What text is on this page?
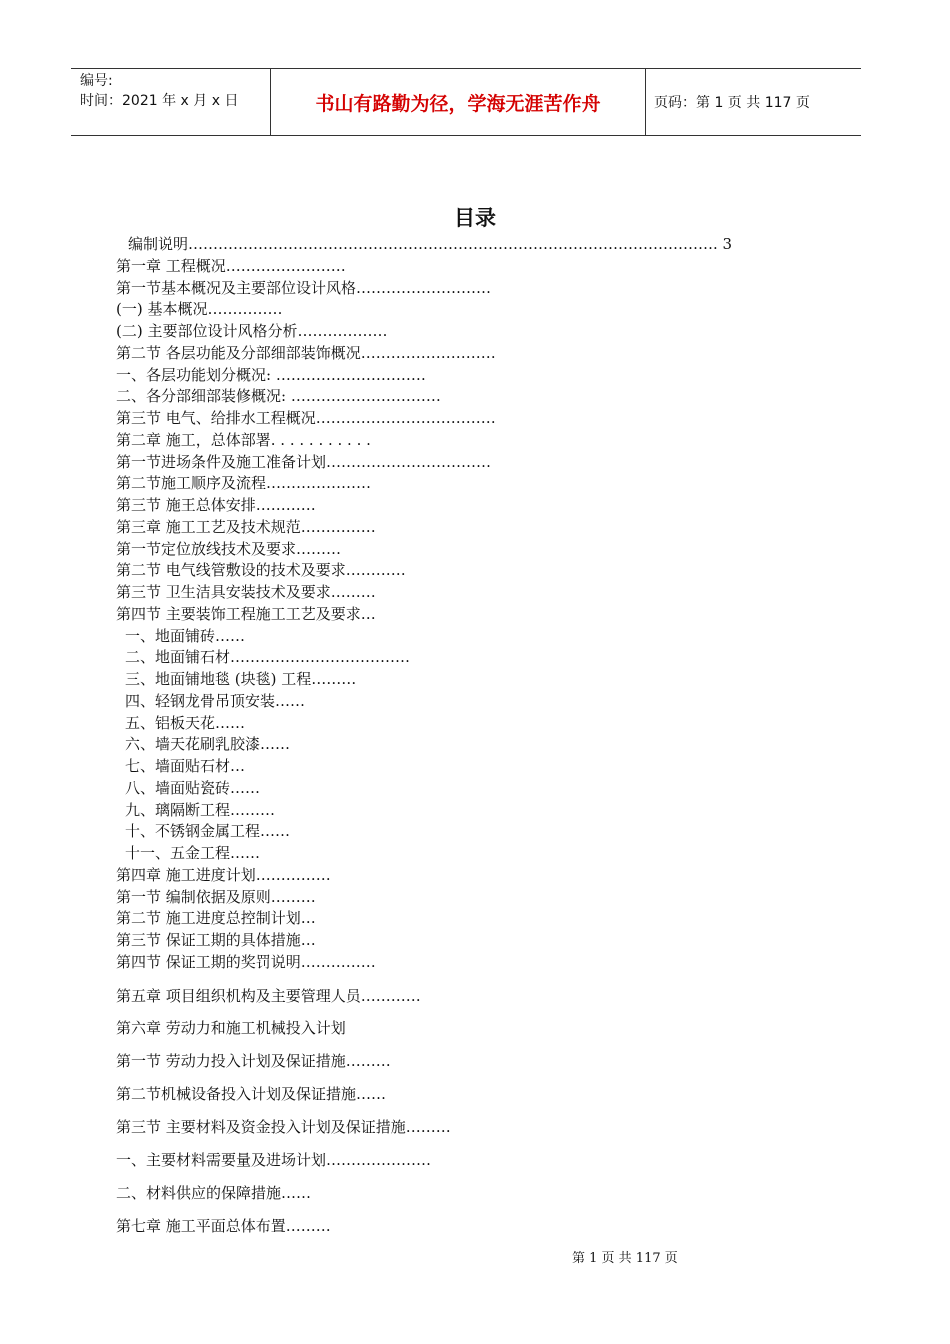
编号:
时间：2021 年 x 月 x 日	书山有路勤为径，学海无涯苦作舟	页码：第 1 页 共 117 页
目录
编制说明……………………………………………………………………………………………. 3
第一章 工程概况……………………
第一节基本概况及主要部位设计风格………………………
(一) 基本概况……………
(二) 主要部位设计风格分析………………
第二节 各层功能及分部细部装饰概况………………………
一、各层功能划分概况: …………………………
二、各分部细部装修概况: …………………………
第三节 电气、给排水工程概况………………………………
第二章 施工，总体部署. . . . . . . . . . .
第一节进场条件及施工准备计划……………………………
第二节施工顺序及流程…………………
第三节 施王总体安排…………
第三章 施工工艺及技术规范……………
第一节定位放线技术及要求………
第二节 电气线管敷设的技术及要求…………
第三节 卫生洁具安装技术及要求………
第四节 主要装饰工程施工工艺及要求…
一、地面铺砖……
二、地面铺石材………………………………
三、地面铺地毯 (块毯) 工程………
四、轻钢龙骨吊顶安装……
五、铝板天花……
六、墙天花刷乳胶漆……
七、墙面贴石材…
八、墙面贴瓷砖……
九、璃隔断工程………
十、不锈钢金属工程……
十一、五金工程……
第四章 施工进度计划……………
第一节 编制依据及原则………
第二节 施工进度总控制计划…
第三节 保证工期的具体措施…
第四节 保证工期的奖罚说明……………
第五章 项目组织机构及主要管理人员…………
第六章 劳动力和施工机械投入计划
第一节 劳动力投入计划及保证措施………
第二节机械设备投入计划及保证措施……
第三节 主要材料及资金投入计划及保证措施………
一、主要材料需要量及进场计划…………………
二、材料供应的保障措施……
第七章 施工平面总体布置………
第 1 页 共 117 页
